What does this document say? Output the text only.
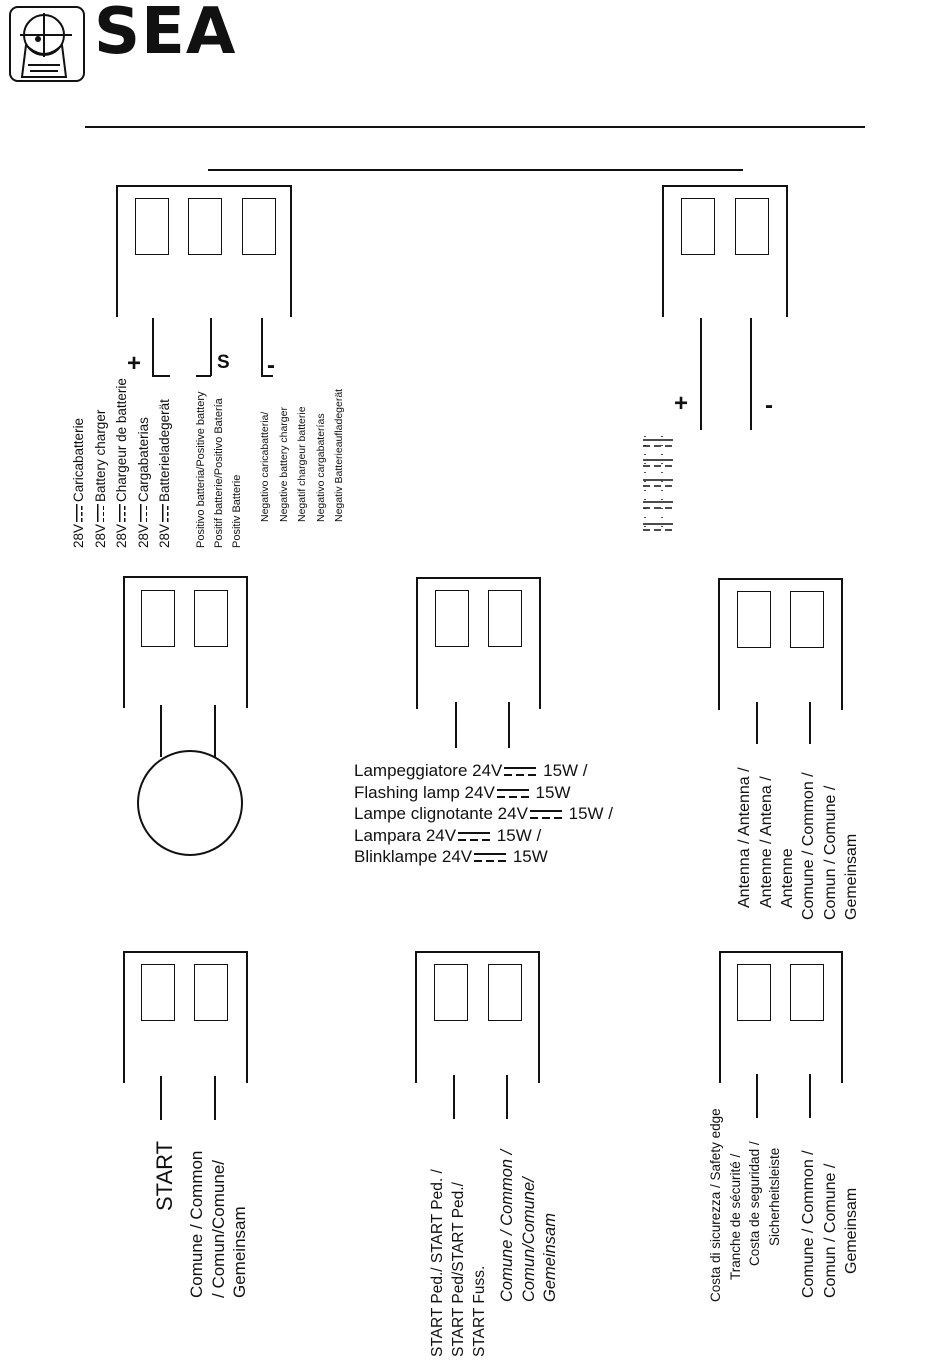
SEA
+	S -
28VCaricabatterie
28VBattery charger
28VChargeur de batterie
28VCargabaterias
28VBatterieladegerät	Positivo batteria/Positive battery Positif batterie/Positivo Batería Positiv Batterie Negativo caricabatteria/ Negative battery charger Negatif chargeur batterie Negativo cargabaterías Negativ Batterieaufladegerät	+	-
Lampeggiatore 24V 15W /
Flashing lamp 24V 15W
Lampe clignotante 24V 15W /
Lampara 24V 15W /
Blinklampe 24V 15W	Antenna / Antenna / Antenne / Antena / Antenne Comune / Common / Comun / Comune / Gemeinsam
START Comune / Common / Comun/Comune/ Gemeinsam	START Ped./ START Ped. / START Ped/START Ped./ START Fuss.
Comune / Common / Comun/Comune/ Gemeinsam	Costa di sicurezza / Safety edge Tranche de sécurité / Costa de seguridad / Sicherheitsleiste Comune / Common / Comun / Comune / Gemeinsam
